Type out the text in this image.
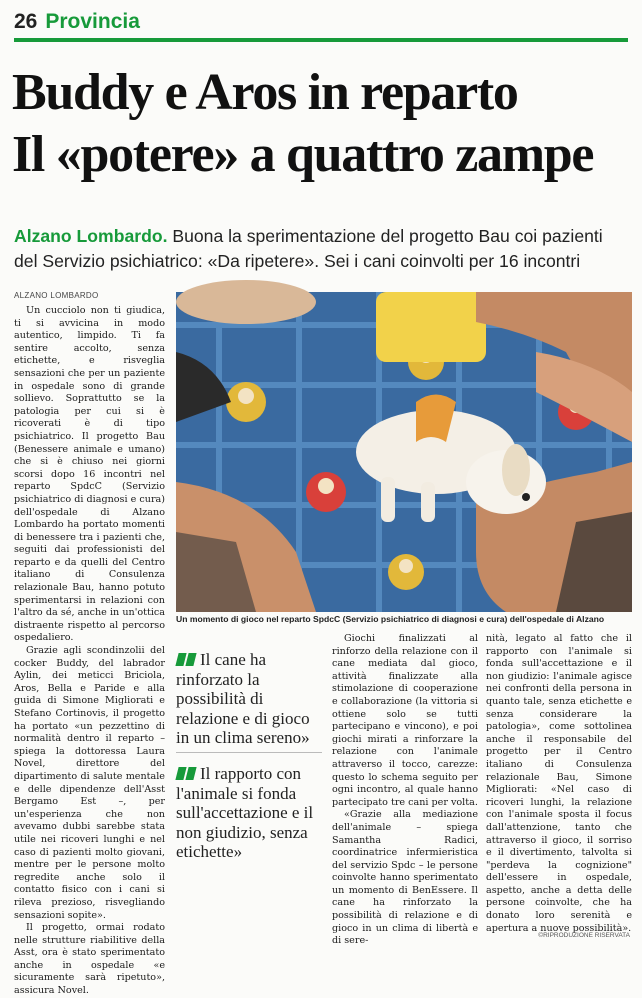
26 Provincia
Buddy e Aros in reparto
Il «potere» a quattro zampe
Alzano Lombardo. Buona la sperimentazione del progetto Bau coi pazienti del Servizio psichiatrico: «Da ripetere». Sei i cani coinvolti per 16 incontri
ALZANO LOMBARDO

Un cucciolo non ti giudica, ti si avvicina in modo autentico, limpido. Ti fa sentire accolto, senza etichette, e risveglia sensazioni che per un paziente in ospedale sono di grande sollievo. Soprattutto se la patologia per cui si è ricoverati è di tipo psichiatrico. Il progetto Bau (Benessere animale e umano) che si è chiuso nei giorni scorsi dopo 16 incontri nel reparto SpdcC (Servizio psichiatrico di diagnosi e cura) dell'ospedale di Alzano Lombardo ha portato momenti di benessere tra i pazienti che, seguiti dai professionisti del reparto e da quelli del Centro italiano di Consulenza relazionale Bau, hanno potuto sperimentarsi in relazioni con l'altro da sé, anche in un'ottica distraente rispetto al percorso ospedaliero.

Grazie agli scondinzolii del cocker Buddy, del labrador Aylin, dei meticci Briciola, Aros, Bella e Paride e alla guida di Simone Migliorati e Stefano Cortinovis, il progetto ha portato «un pezzettino di normalità dentro il reparto – spiega la dottoressa Laura Novel, direttore del dipartimento di salute mentale e delle dipendenze dell'Asst Bergamo Est –, per un'esperienza che non avevamo dubbi sarebbe stata utile nei ricoveri lunghi e nel caso di pazienti molto giovani, mentre per le persone molto regredite anche solo il contatto fisico con i cani si rileva prezioso, risvegliando sensazioni sopite».

Il progetto, ormai rodato nelle strutture riabilitive della Asst, ora è stato sperimentato anche in ospedale «e sicuramente sarà ripetuto», assicura Novel.

Un momento di gioco nel reparto SpdcC (Servizio psichiatrico di diagnosi e cura) dell'ospedale di Alzano
Il cane ha rinforzato la possibilità di relazione e di gioco in un clima sereno»
Il rapporto con l'animale si fonda sull'accettazione e il non giudizio, senza etichette»

Giochi finalizzati al rinforzo della relazione con il cane mediata dal gioco, attività finalizzate alla stimolazione di cooperazione e collaborazione (la vittoria si ottiene solo se tutti partecipano e vincono), e poi giochi mirati a rinforzare la relazione con l'animale attraverso il tocco, carezze: questo lo schema seguito per ogni incontro, al quale hanno partecipato tre cani per volta.

«Grazie alla mediazione dell'animale – spiega Samantha Radici, coordinatrice infermieristica del servizio Spdc – le persone coinvolte hanno sperimentato un momento di BenEssere. Il cane ha rinforzato la possibilità di relazione e di gioco in un clima di libertà e di sere-

nità, legato al fatto che il rapporto con l'animale si fonda sull'accettazione e il non giudizio: l'animale agisce nei confronti della persona in quanto tale, senza etichette e senza considerare la patologia», come sottolinea anche il responsabile del progetto per il Centro italiano di Consulenza relazionale Bau, Simone Migliorati: «Nel caso di ricoveri lunghi, la relazione con l'animale sposta il focus dall'attenzione, tanto che attraverso il gioco, il sorriso e il divertimento, talvolta si "perdeva la cognizione" dell'essere in ospedale, aspetto, anche a detta delle persone coinvolte, che ha donato loro serenità e apertura a nuove possibilità».

©RIPRODUZIONE RISERVATA
